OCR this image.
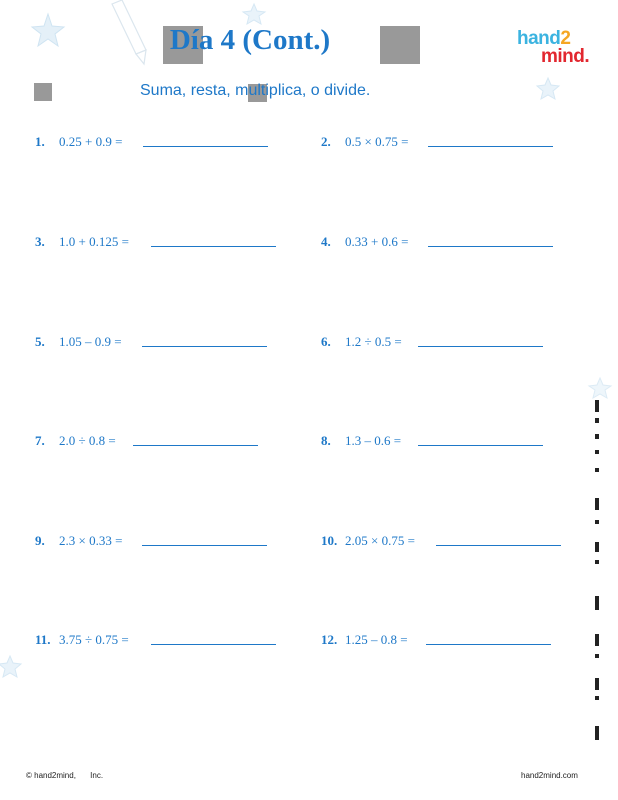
Día 4 (Cont.)
Suma, resta, multiplica, o divide.
hand2
mind.
1. 0.25 + 0.9 =
3. 1.0 + 0.125 =
5. 1.05 – 0.9 =
7. 2.0 ÷ 0.8 =
9. 2.3 × 0.33 =
11. 3.75 ÷ 0.75 =
2. 0.5 × 0.75 =
4. 0.33 + 0.6 =
6. 1.2 ÷ 0.5 =
8. 1.3 – 0.6 =
10. 2.05 × 0.75 =
12. 1.25 – 0.8 =
© hand2mind, Inc.	hand2mind.com
